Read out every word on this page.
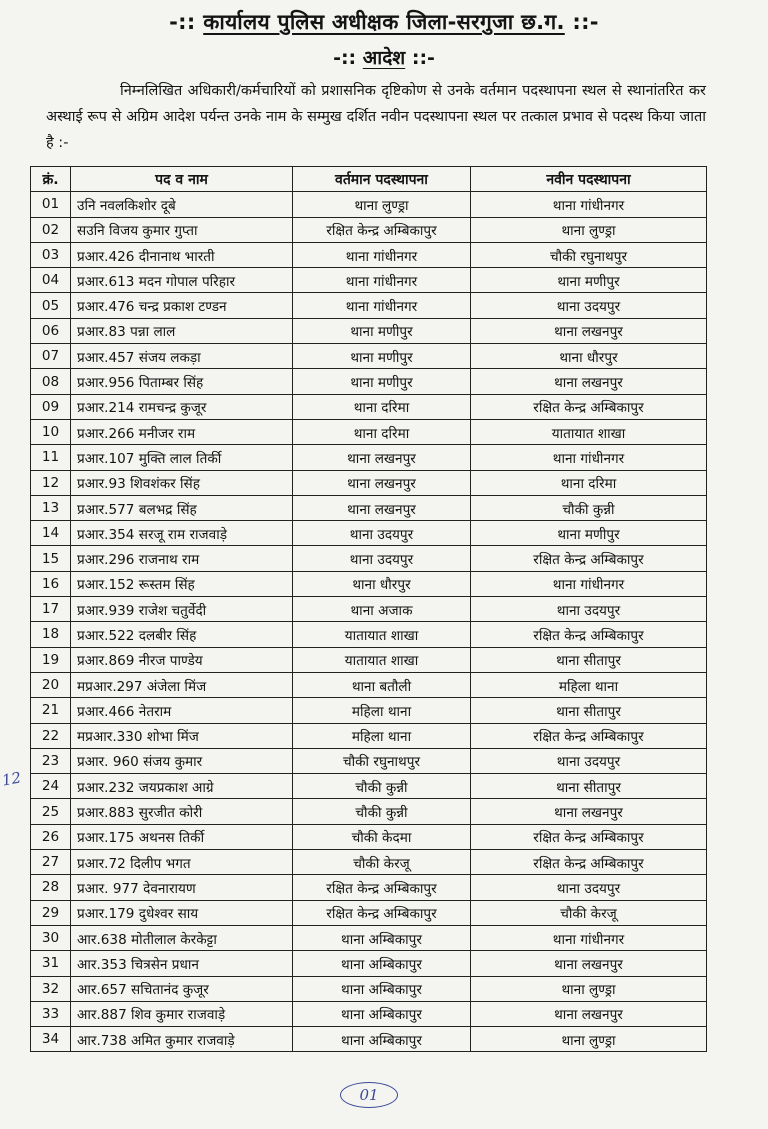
-:: कार्यालय पुलिस अधीक्षक जिला-सरगुजा छ.ग. ::-
-:: आदेश ::-

निम्नलिखित अधिकारी/कर्मचारियों को प्रशासनिक दृष्टिकोण से उनके वर्तमान पदस्थापना स्थल से स्थानांतरित कर अस्थाई रूप से अग्रिम आदेश पर्यन्त उनके नाम के सम्मुख दर्शित नवीन पदस्थापना स्थल पर तत्काल प्रभाव से पदस्थ किया जाता है :-

क्रं.	पद व नाम	वर्तमान पदस्थापना	नवीन पदस्थापना
01	उनि नवलकिशोर दूबे	थाना लुण्ड्रा	थाना गांधीनगर
02	सउनि विजय कुमार गुप्ता	रक्षित केन्द्र अम्बिकापुर	थाना लुण्ड्रा
03	प्रआर.426 दीनानाथ भारती	थाना गांधीनगर	चौकी रघुनाथपुर
04	प्रआर.613 मदन गोपाल परिहार	थाना गांधीनगर	थाना मणीपुर
05	प्रआर.476 चन्द्र प्रकाश टण्डन	थाना गांधीनगर	थाना उदयपुर
06	प्रआर.83 पन्ना लाल	थाना मणीपुर	थाना लखनपुर
07	प्रआर.457 संजय लकड़ा	थाना मणीपुर	थाना धौरपुर
08	प्रआर.956 पिताम्बर सिंह	थाना मणीपुर	थाना लखनपुर
09	प्रआर.214 रामचन्द्र कुजूर	थाना दरिमा	रक्षित केन्द्र अम्बिकापुर
10	प्रआर.266 मनीजर राम	थाना दरिमा	यातायात शाखा
11	प्रआर.107 मुक्ति लाल तिर्की	थाना लखनपुर	थाना गांधीनगर
12	प्रआर.93 शिवशंकर सिंह	थाना लखनपुर	थाना दरिमा
13	प्रआर.577 बलभद्र सिंह	थाना लखनपुर	चौकी कुन्नी
14	प्रआर.354 सरजू राम राजवाड़े	थाना उदयपुर	थाना मणीपुर
15	प्रआर.296 राजनाथ राम	थाना उदयपुर	रक्षित केन्द्र अम्बिकापुर
16	प्रआर.152 रूस्तम सिंह	थाना धौरपुर	थाना गांधीनगर
17	प्रआर.939 राजेश चतुर्वेदी	थाना अजाक	थाना उदयपुर
18	प्रआर.522 दलबीर सिंह	यातायात शाखा	रक्षित केन्द्र अम्बिकापुर
19	प्रआर.869 नीरज पाण्डेय	यातायात शाखा	थाना सीतापुर
20	मप्रआर.297 अंजेला मिंज	थाना बतौली	महिला थाना
21	प्रआर.466 नेतराम	महिला थाना	थाना सीतापुर
22	मप्रआर.330 शोभा मिंज	महिला थाना	रक्षित केन्द्र अम्बिकापुर
23	प्रआर. 960 संजय कुमार	चौकी रघुनाथपुर	थाना उदयपुर
24	प्रआर.232 जयप्रकाश आग्रे	चौकी कुन्नी	थाना सीतापुर
25	प्रआर.883 सुरजीत कोरी	चौकी कुन्नी	थाना लखनपुर
26	प्रआर.175 अथनस तिर्की	चौकी केदमा	रक्षित केन्द्र अम्बिकापुर
27	प्रआर.72 दिलीप भगत	चौकी केरजू	रक्षित केन्द्र अम्बिकापुर
28	प्रआर. 977 देवनारायण	रक्षित केन्द्र अम्बिकापुर	थाना उदयपुर
29	प्रआर.179 दुधेश्वर साय	रक्षित केन्द्र अम्बिकापुर	चौकी केरजू
30	आर.638 मोतीलाल केरकेट्टा	थाना अम्बिकापुर	थाना गांधीनगर
31	आर.353 चित्रसेन प्रधान	थाना अम्बिकापुर	थाना लखनपुर
32	आर.657 सचितानंद कुजूर	थाना अम्बिकापुर	थाना लुण्ड्रा
33	आर.887 शिव कुमार राजवाड़े	थाना अम्बिकापुर	थाना लखनपुर
34	आर.738 अमित कुमार राजवाड़े	थाना अम्बिकापुर	थाना लुण्ड्रा
12
01
